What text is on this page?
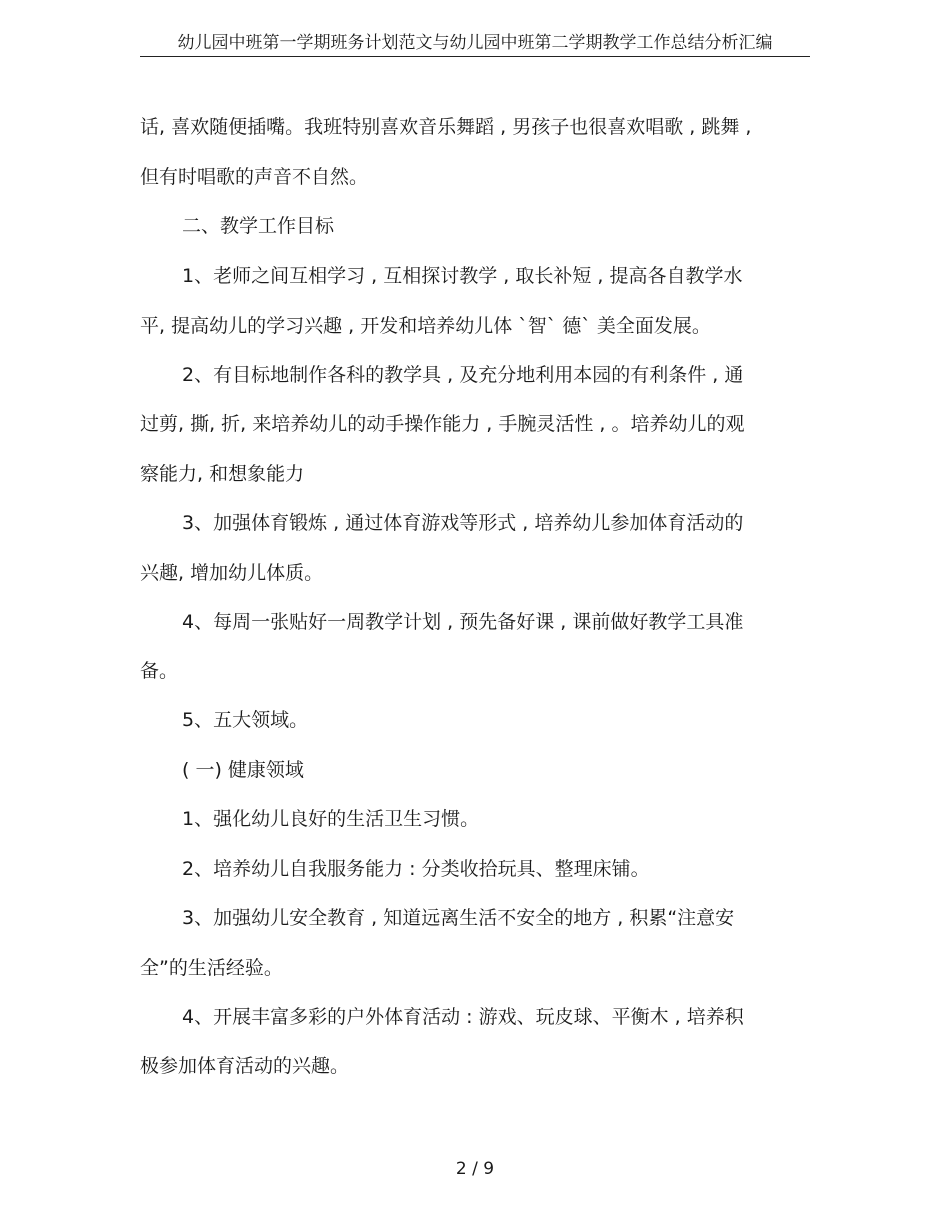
幼儿园中班第一学期班务计划范文与幼儿园中班第二学期教学工作总结分析汇编
话, 喜欢随便插嘴。我班特别喜欢音乐舞蹈 , 男孩子也很喜欢唱歌 , 跳舞 ,
但有时唱歌的声音不自然。
二、教学工作目标
1、老师之间互相学习 , 互相探讨教学 , 取长补短 , 提高各自教学水
平, 提高幼儿的学习兴趣 , 开发和培养幼儿体 `智` 德` 美全面发展。
2、有目标地制作各科的教学具 , 及充分地利用本园的有利条件 , 通
过剪, 撕, 折, 来培养幼儿的动手操作能力 , 手腕灵活性 , 。培养幼儿的观
察能力, 和想象能力
3、加强体育锻炼 , 通过体育游戏等形式 , 培养幼儿参加体育活动的
兴趣, 增加幼儿体质。
4、每周一张贴好一周教学计划 , 预先备好课 , 课前做好教学工具准
备。
5、五大领域。
( 一) 健康领域
1、强化幼儿良好的生活卫生习惯。
2、培养幼儿自我服务能力 : 分类收拾玩具、整理床铺。
3、加强幼儿安全教育 , 知道远离生活不安全的地方 , 积累“注意安
全”的生活经验。
4、开展丰富多彩的户外体育活动 : 游戏、玩皮球、平衡木 , 培养积
极参加体育活动的兴趣。
2 / 9
